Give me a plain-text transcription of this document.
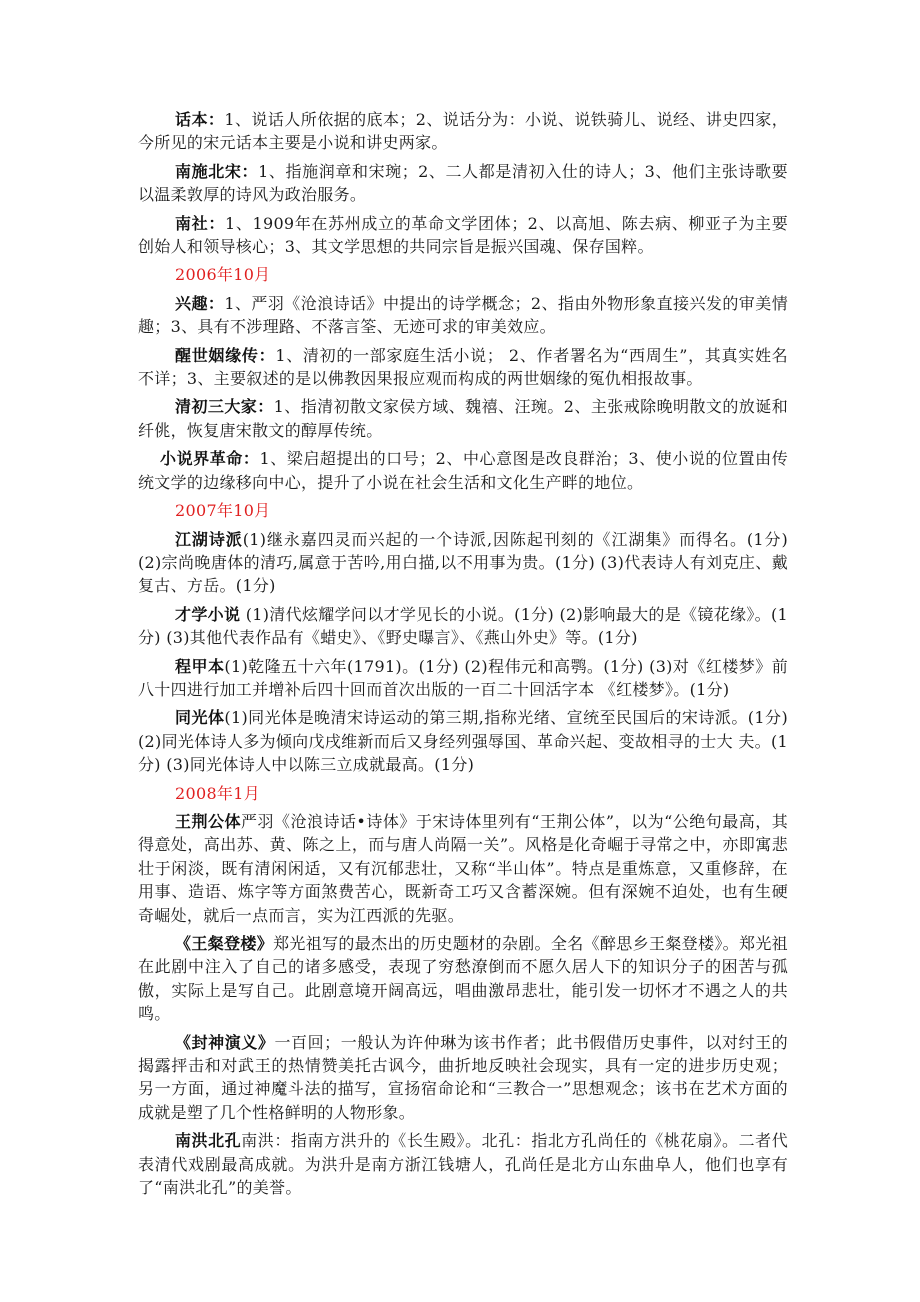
话本：1、说话人所依据的底本；2、说话分为：小说、说铁骑儿、说经、讲史四家，今所见的宋元话本主要是小说和讲史两家。

南施北宋：1、指施润章和宋琬；2、二人都是清初入仕的诗人；3、他们主张诗歌要以温柔敦厚的诗风为政治服务。

南社：1、1909年在苏州成立的革命文学团体；2、以高旭、陈去病、柳亚子为主要创始人和领导核心；3、其文学思想的共同宗旨是振兴国魂、保存国粹。

2006年10月

兴趣：1、严羽《沧浪诗话》中提出的诗学概念；2、指由外物形象直接兴发的审美情趣；3、具有不涉理路、不落言筌、无迹可求的审美效应。

醒世姻缘传：1、清初的一部家庭生活小说； 2、作者署名为“西周生”，其真实姓名不详；3、主要叙述的是以佛教因果报应观而构成的两世姻缘的冤仇相报故事。

清初三大家：1、指清初散文家侯方域、魏禧、汪琬。2、主张戒除晚明散文的放诞和纤佻，恢复唐宋散文的醇厚传统。

小说界革命：1、梁启超提出的口号；2、中心意图是改良群治；3、使小说的位置由传统文学的边缘移向中心，提升了小说在社会生活和文化生产畔的地位。

2007年10月

江湖诗派(1)继永嘉四灵而兴起的一个诗派,因陈起刊刻的《江湖集》而得名。(1分) (2)宗尚晚唐体的清巧,属意于苦吟,用白描,以不用事为贵。(1分) (3)代表诗人有刘克庄、戴复古、方岳。(1分)

才学小说 (1)清代炫耀学问以才学见长的小说。(1分) (2)影响最大的是《镜花缘》。(1分) (3)其他代表作品有《蜡史》、《野史曝言》、《燕山外史》等。(1分)

程甲本(1)乾隆五十六年(1791)。(1分) (2)程伟元和高鹗。(1分) (3)对《红楼梦》前八十四进行加工并增补后四十回而首次出版的一百二十回活字本 《红楼梦》。(1分)

同光体(1)同光体是晚清宋诗运动的第三期,指称光绪、宣统至民国后的宋诗派。(1分) (2)同光体诗人多为倾向戊戌维新而后又身经列强辱国、革命兴起、变故相寻的士大 夫。(1分) (3)同光体诗人中以陈三立成就最高。(1分)

2008年1月

王荆公体严羽《沧浪诗话•诗体》于宋诗体里列有“王荆公体”，以为“公绝句最高，其得意处，高出苏、黄、陈之上，而与唐人尚隔一关”。风格是化奇崛于寻常之中，亦即寓悲壮于闲淡，既有清闲闲适，又有沉郁悲壮，又称“半山体”。特点是重炼意，又重修辞，在用事、造语、炼字等方面煞费苦心，既新奇工巧又含蓄深婉。但有深婉不迫处，也有生硬奇崛处，就后一点而言，实为江西派的先驱。

《王粲登楼》郑光祖写的最杰出的历史题材的杂剧。全名《醉思乡王粲登楼》。郑光祖在此剧中注入了自己的诸多感受，表现了穷愁潦倒而不愿久居人下的知识分子的困苦与孤傲，实际上是写自己。此剧意境开阔高远，唱曲激昂悲壮，能引发一切怀才不遇之人的共鸣。

《封神演义》一百回；一般认为许仲琳为该书作者；此书假借历史事件，以对纣王的揭露抨击和对武王的热情赞美托古讽今，曲折地反映社会现实，具有一定的进步历史观；另一方面，通过神魔斗法的描写，宣扬宿命论和“三教合一”思想观念；该书在艺术方面的成就是塑了几个性格鲜明的人物形象。

南洪北孔南洪：指南方洪升的《长生殿》。北孔：指北方孔尚任的《桃花扇》。二者代表清代戏剧最高成就。为洪升是南方浙江钱塘人，孔尚任是北方山东曲阜人，他们也享有了“南洪北孔”的美誉。
